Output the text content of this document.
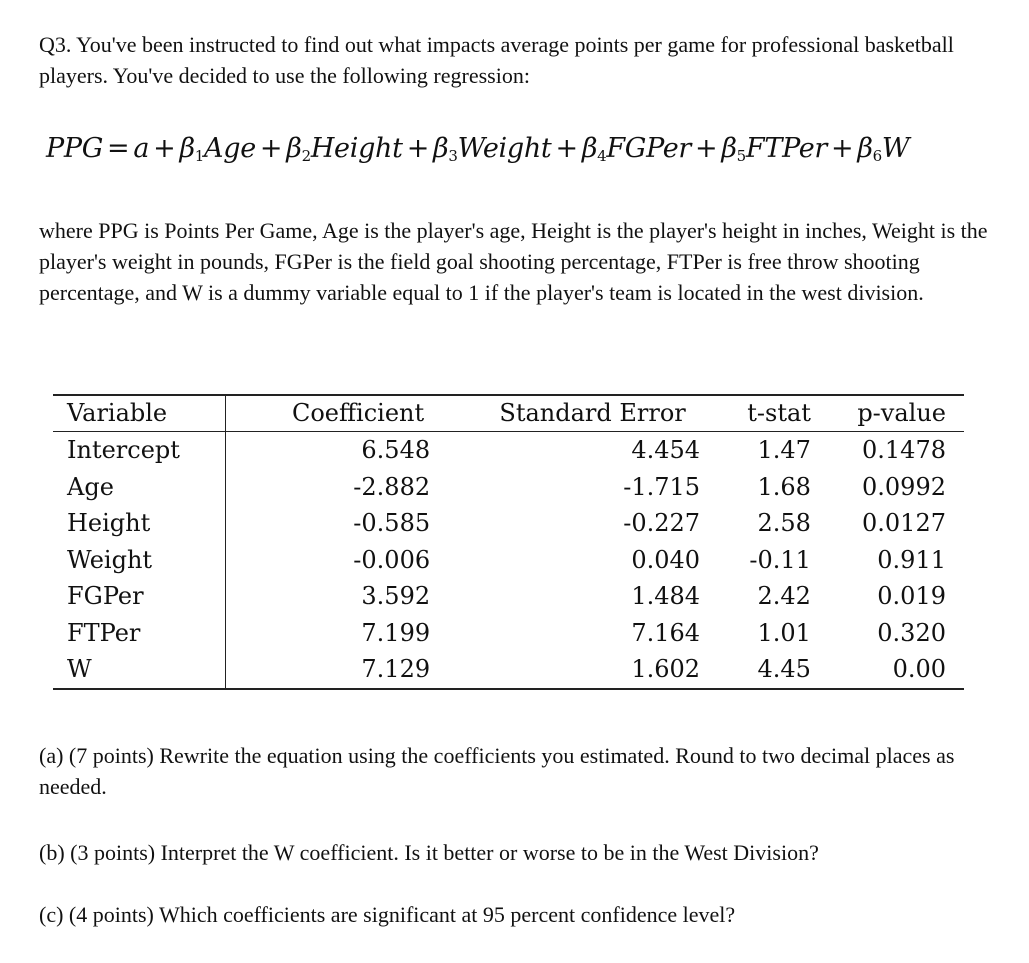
Q3. You've been instructed to find out what impacts average points per game for professional basketball players. You've decided to use the following regression:

PPG = $a + \beta_1Age$ + $\beta_2Height$ + $\beta_3Weight$ + $\beta_4FGPer$ + $\beta_5FTPer + \beta_6W$

where PPG is Points Per Game, Age is the player's age, Height is the player's height in inches, Weight is the player's weight in pounds, FGPer is the field goal shooting percentage, FTPer is free throw shooting percentage, and W is a dummy variable equal to 1 if the player's team is located in the west division.

Variable	Coefficient	Standard Error	t-stat	p-value
Intercept	6.548	4.454	1.47	0.1478
Age	-2.882	-1.715	1.68	0.0992
Height	-0.585	-0.227	2.58	0.0127
Weight	-0.006	0.040	-0.11	0.911
FGPer	3.592	1.484	2.42	0.019
FTPer	7.199	7.164	1.01	0.320
W	7.129	1.602	4.45	0.00

(a) (7 points) Rewrite the equation using the coefficients you estimated. Round to two decimal places as needed.

(b) (3 points) Interpret the W coefficient. Is it better or worse to be in the West Division?

(c) (4 points) Which coefficients are significant at 95 percent confidence level?
